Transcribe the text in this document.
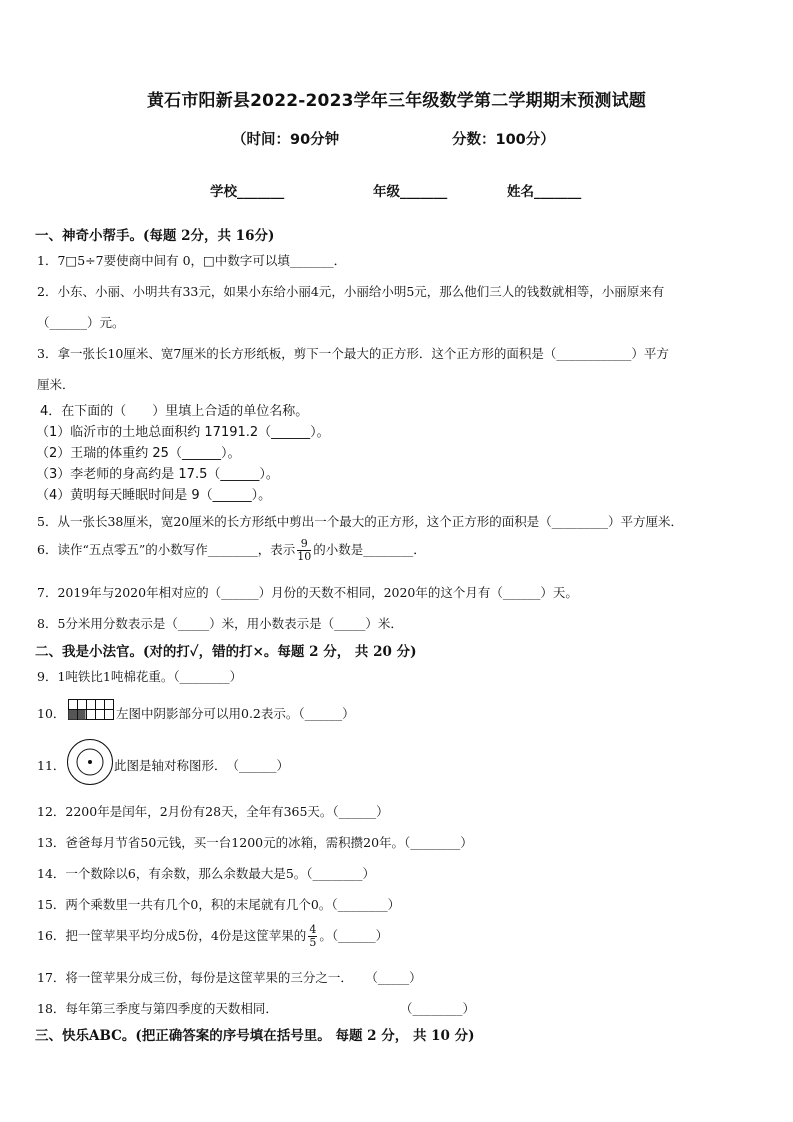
黄石市阳新县2022-2023学年三年级数学第二学期期末预测试题
（时间：90分钟	分数：100分）
学校_______	年级_______	姓名_______
一、神奇小帮手。(每题 2分，共 16分)
1．7□5÷7要使商中间有 0，□中数字可以填_______．
2．小东、小丽、小明共有33元，如果小东给小丽4元，小丽给小明5元，那么他们三人的钱数就相等，小丽原来有
（______）元。
3．拿一张长10厘米、宽7厘米的长方形纸板，剪下一个最大的正方形．这个正方形的面积是（____________）平方
厘米．
4．在下面的（　　）里填上合适的单位名称。
（1）临沂市的土地总面积约 17191.2（______）。
（2）王瑞的体重约 25（______）。
（3）李老师的身高约是 17.5（______）。
（4）黄明每天睡眠时间是 9（______）。
5．从一张长38厘米，宽20厘米的长方形纸中剪出一个最大的正方形，这个正方形的面积是（_________）平方厘米．
6．读作“五点零五”的小数写作________，表示 $\frac{9}{10}$ 的小数是________．
7．2019年与2020年相对应的（______）月份的天数不相同，2020年的这个月有（______）天。
8．5分米用分数表示是（_____）米，用小数表示是（_____）米．
二、我是小法官。(对的打✓，错的打×。每题 2 分， 共 20 分)
9．1吨铁比1吨棉花重。（________）
10．	左图中阴影部分可以用0.2表示。（______）
11．	此图是轴对称图形．　（______）
12．2200年是闰年，2月份有28天，全年有365天。（______）
13．爸爸每月节省50元钱，买一台1200元的冰箱，需积攒20年。（________）
14．一个数除以6，有余数，那么余数最大是5。（________）
15．两个乘数里一共有几个0，积的末尾就有几个0。（________）
16．把一筐苹果平均分成5份，4份是这筐苹果的 $\frac{4}{5}$ 。（______）
17．将一筐苹果分成三份，每份是这筐苹果的三分之一．　　（_____）
18．每年第三季度与第四季度的天数相同．	（________）
三、快乐ABC。(把正确答案的序号填在括号里。 每题 2 分， 共 10 分)
